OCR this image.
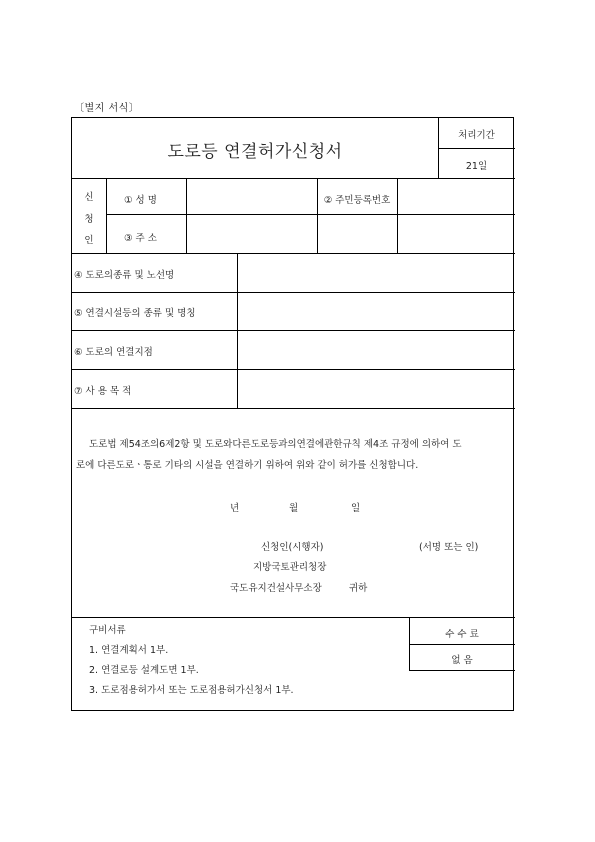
〔별지 서식〕
도로등 연결허가신청서
처리기간
21일
신
청
인
① 성 명	② 주민등록번호
③ 주 소
④ 도로의종류 및 노선명
⑤ 연결시설등의 종류 및 명칭
⑥ 도로의 연결지점
⑦ 사 용 목 적
도로법 제54조의6제2항 및 도로와다른도로등과의연결에관한규칙 제4조 규정에 의하여 도
로에 다른도로ㆍ통로 기타의 시설을 연결하기 위하여 위와 같이 허가를 신청합니다.
년	월	일
신청인(시행자)	(서명 또는 인)
지방국토관리청장
국도유지건설사무소장	귀하
구비서류
1. 연결계획서 1부.
2. 연결로등 설계도면 1부.
3. 도로점용허가서 또는 도로점용허가신청서 1부.
수 수 료
없 음
